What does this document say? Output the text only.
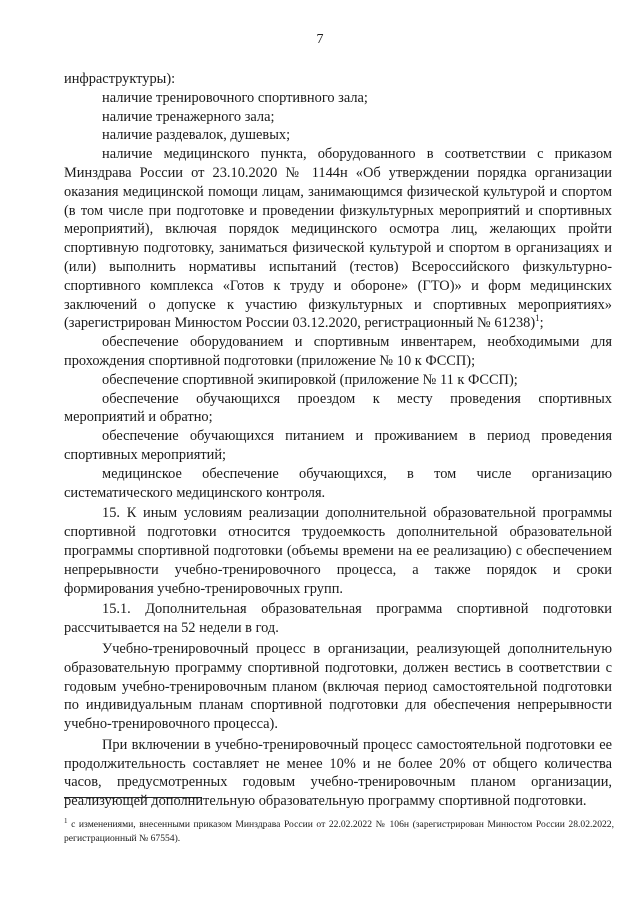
7

инфраструктуры):

наличие тренировочного спортивного зала;

наличие тренажерного зала;

наличие раздевалок, душевых;

наличие медицинского пункта, оборудованного в соответствии с приказом Минздрава России от 23.10.2020 № 1144н «Об утверждении порядка организации оказания медицинской помощи лицам, занимающимся физической культурой и спортом (в том числе при подготовке и проведении физкультурных мероприятий и спортивных мероприятий), включая порядок медицинского осмотра лиц, желающих пройти спортивную подготовку, заниматься физической культурой и спортом в организациях и (или) выполнить нормативы испытаний (тестов) Всероссийского физкультурно-спортивного комплекса «Готов к труду и обороне» (ГТО)» и форм медицинских заключений о допуске к участию физкультурных и спортивных мероприятиях» (зарегистрирован Минюстом России 03.12.2020, регистрационный № 61238)$^1$;

обеспечение оборудованием и спортивным инвентарем, необходимыми для прохождения спортивной подготовки (приложение № 10 к ФССП);

обеспечение спортивной экипировкой (приложение № 11 к ФССП);

обеспечение обучающихся проездом к месту проведения спортивных мероприятий и обратно;

обеспечение обучающихся питанием и проживанием в период проведения спортивных мероприятий;

медицинское обеспечение обучающихся, в том числе организацию систематического медицинского контроля.

15. К иным условиям реализации дополнительной образовательной программы спортивной подготовки относится трудоемкость дополнительной образовательной программы спортивной подготовки (объемы времени на ее реализацию) с обеспечением непрерывности учебно-тренировочного процесса, а также порядок и сроки формирования учебно-тренировочных групп.

15.1. Дополнительная образовательная программа спортивной подготовки рассчитывается на 52 недели в год.

Учебно-тренировочный процесс в организации, реализующей дополнительную образовательную программу спортивной подготовки, должен вестись в соответствии с годовым учебно-тренировочным планом (включая период самостоятельной подготовки по индивидуальным планам спортивной подготовки для обеспечения непрерывности учебно-тренировочного процесса).

При включении в учебно-тренировочный процесс самостоятельной подготовки ее продолжительность составляет не менее 10% и не более 20% от общего количества часов, предусмотренных годовым учебно-тренировочным планом организации, реализующей дополнительную образовательную программу спортивной подготовки.

$^1$ с изменениями, внесенными приказом Минздрава России от 22.02.2022 № 106н (зарегистрирован Минюстом России 28.02.2022, регистрационный № 67554).
